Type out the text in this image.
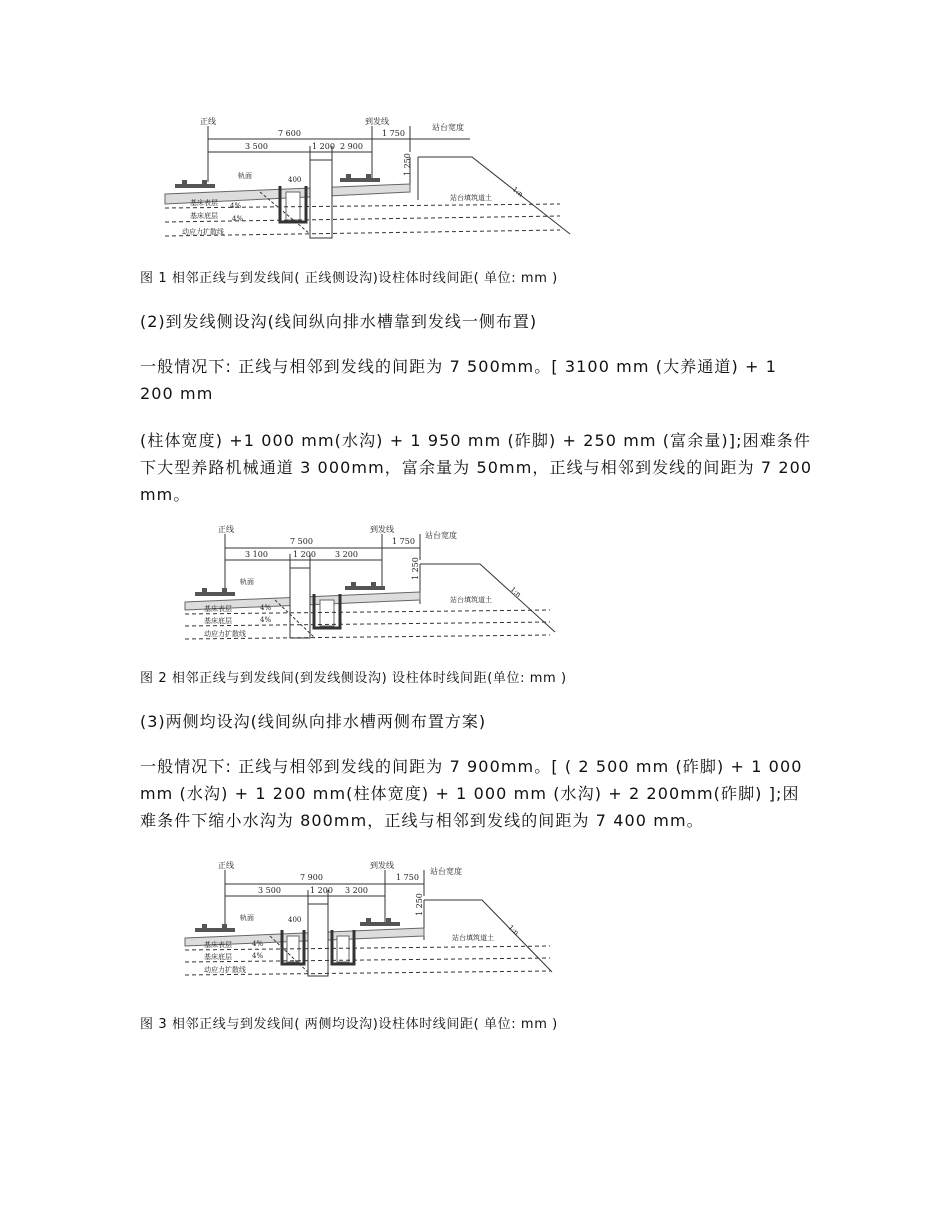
正线	到发线
站台宽度
7 600
3 500	1 200 2 900
1 750
1 250
1:n
站台填筑道土
轨面	400
基床表层
基床底层
动应力扩散线
4%
4%
图 1 相邻正线与到发线间( 正线侧设沟)设柱体时线间距( 单位: mm )
(2)到发线侧设沟(线间纵向排水槽靠到发线一侧布置)

一般情况下: 正线与相邻到发线的间距为 7 500mm。[ 3100 mm (大养通道) + 1 200 mm

(柱体宽度) +1 000 mm(水沟) + 1 950 mm (砟脚) + 250 mm (富余量)];困难条件下大型养路机械通道 3 000mm，富余量为 50mm，正线与相邻到发线的间距为 7 200 mm。

正线	到发线
站台宽度
7 500
3 100	1 200 3 200
1 750
1 250
1:n
站台填筑道土
轨面
基床表层
基床底层
动应力扩散线
4%
4%
图 2 相邻正线与到发线间(到发线侧设沟) 设柱体时线间距(单位: mm )
(3)两侧均设沟(线间纵向排水槽两侧布置方案)

一般情况下: 正线与相邻到发线的间距为 7 900mm。[ ( 2 500 mm (砟脚) + 1 000 mm (水沟) + 1 200 mm(柱体宽度) + 1 000 mm (水沟) + 2 200mm(砟脚) ];困难条件下缩小水沟为 800mm，正线与相邻到发线的间距为 7 400 mm。

正线	到发线
站台宽度
7 900
3 500	1 200 3 200
1 750
1 250
1:n
站台填筑道土
轨面	400
基床表层
基床底层
动应力扩散线
4%
4%
图 3 相邻正线与到发线间( 两侧均设沟)设柱体时线间距( 单位: mm )
